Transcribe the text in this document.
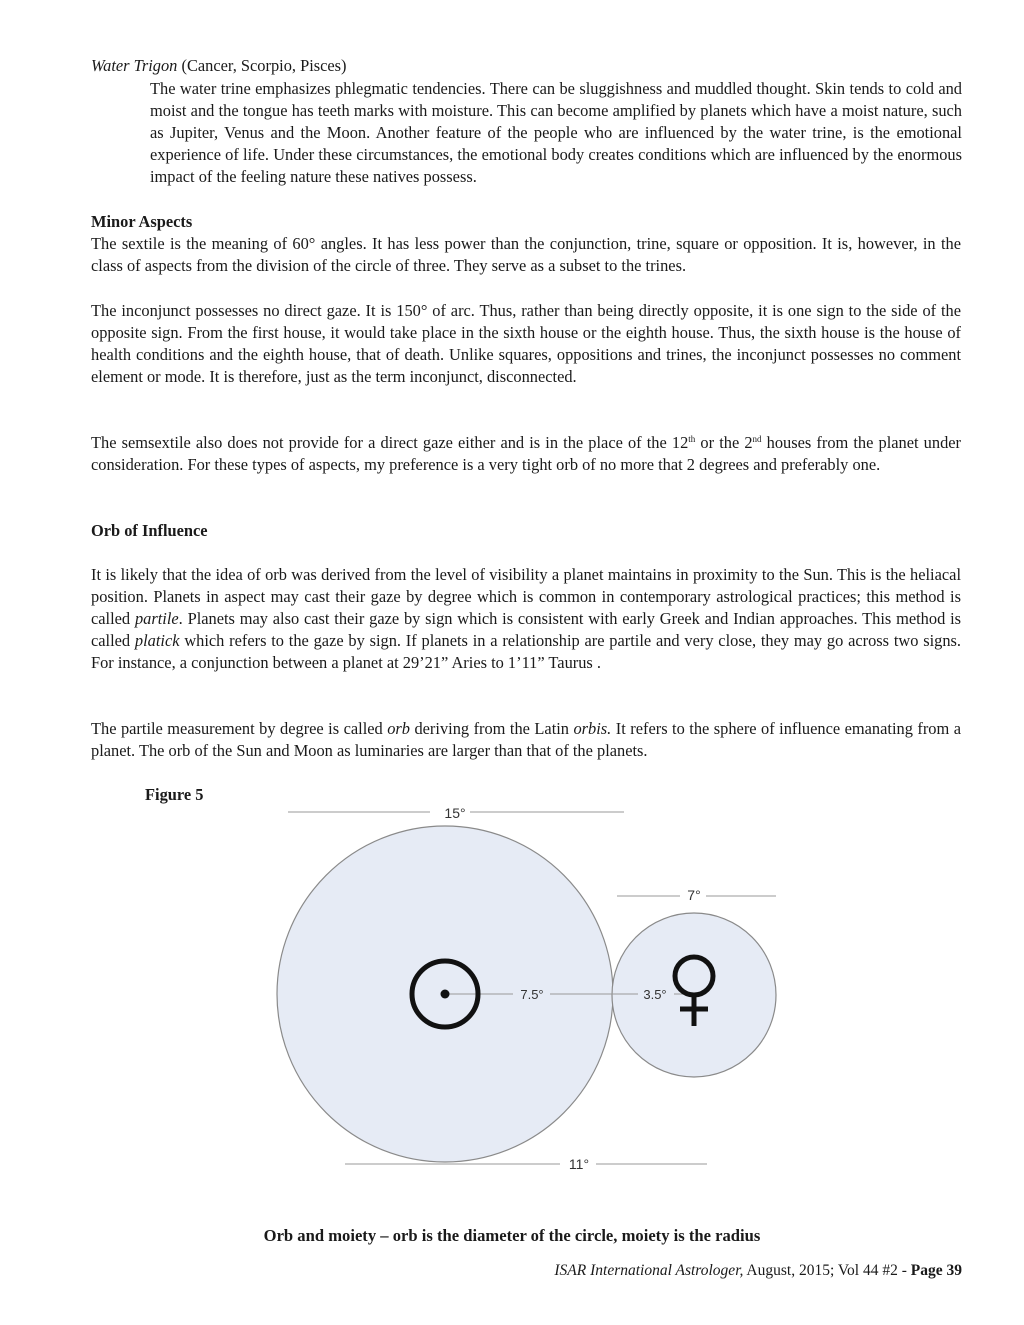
Water Trigon (Cancer, Scorpio, Pisces)

The water trine emphasizes phlegmatic tendencies. There can be sluggishness and muddled thought. Skin tends to cold and moist and the tongue has teeth marks with moisture. This can become amplified by planets which have a moist nature, such as Jupiter, Venus and the Moon. Another feature of the people who are influenced by the water trine, is the emotional experience of life. Under these circumstances, the emotional body creates conditions which are influenced by the enormous impact of the feeling nature these natives possess.

Minor Aspects

The sextile is the meaning of 60° angles. It has less power than the conjunction, trine, square or opposition. It is, however, in the class of aspects from the division of the circle of three. They serve as a subset to the trines.

The inconjunct possesses no direct gaze. It is 150° of arc. Thus, rather than being directly opposite, it is one sign to the side of the opposite sign. From the first house, it would take place in the sixth house or the eighth house. Thus, the sixth house is the house of health conditions and the eighth house, that of death. Unlike squares, oppositions and trines, the inconjunct possesses no comment element or mode. It is therefore, just as the term inconjunct, disconnected.

The semsextile also does not provide for a direct gaze either and is in the place of the 12th or the 2nd houses from the planet under consideration. For these types of aspects, my preference is a very tight orb of no more that 2 degrees and preferably one.

Orb of Influence

It is likely that the idea of orb was derived from the level of visibility a planet maintains in proximity to the Sun. This is the heliacal position. Planets in aspect may cast their gaze by degree which is common in contemporary astrological practices; this method is called partile. Planets may also cast their gaze by sign which is consistent with early Greek and Indian approaches. This method is called platick which refers to the gaze by sign. If planets in a relationship are partile and very close, they may go across two signs. For instance, a conjunction between a planet at 29’21” Aries to 1’11” Taurus .

The partile measurement by degree is called orb deriving from the Latin orbis. It refers to the sphere of influence emanating from a planet. The orb of the Sun and Moon as luminaries are larger than that of the planets.

Figure 5
15°
7°
7.5°	3.5°
11°
Orb and moiety – orb is the diameter of the circle, moiety is the radius
ISAR International Astrologer, August, 2015; Vol 44 #2 - Page 39
